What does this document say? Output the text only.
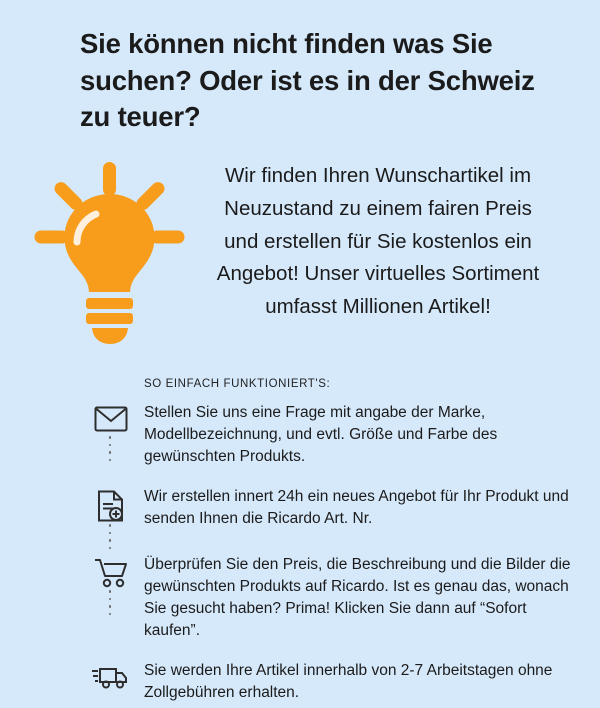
Sie können nicht finden was Sie suchen? Oder ist es in der Schweiz zu teuer?
Wir finden Ihren Wunschartikel im Neuzustand zu einem fairen Preis und erstellen für Sie kostenlos ein Angebot! Unser virtuelles Sortiment umfasst Millionen Artikel!
SO EINFACH FUNKTIONIERT'S:
Stellen Sie uns eine Frage mit angabe der Marke, Modellbezeichnung, und evtl. Größe und Farbe des gewünschten Produkts.
Wir erstellen innert 24h ein neues Angebot für Ihr Produkt und senden Ihnen die Ricardo Art. Nr.
Überprüfen Sie den Preis, die Beschreibung und die Bilder die gewünschten Produkts auf Ricardo. Ist es genau das, wonach Sie gesucht haben? Prima! Klicken Sie dann auf “Sofort kaufen”.
Sie werden Ihre Artikel innerhalb von 2-7 Arbeitstagen ohne Zollgebühren erhalten.
